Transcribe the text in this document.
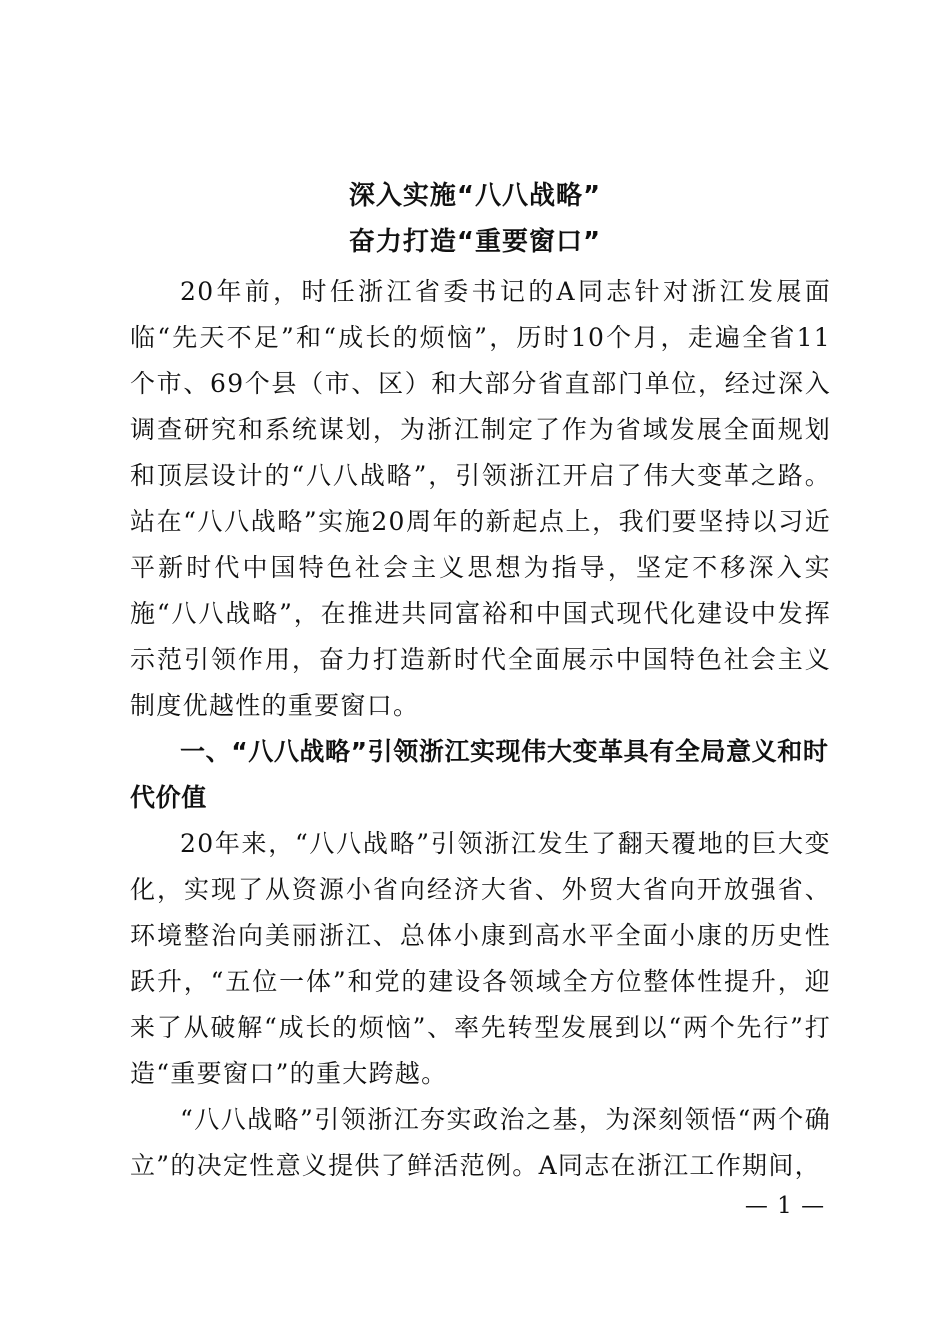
深入实施“八八战略”
奋力打造“重要窗口”

20年前，时任浙江省委书记的A同志针对浙江发展面临“先天不足”和“成长的烦恼”，历时10个月，走遍全省11个市、69个县（市、区）和大部分省直部门单位，经过深入调查研究和系统谋划，为浙江制定了作为省域发展全面规划和顶层设计的“八八战略”，引领浙江开启了伟大变革之路。站在“八八战略”实施20周年的新起点上，我们要坚持以习近平新时代中国特色社会主义思想为指导，坚定不移深入实施“八八战略”，在推进共同富裕和中国式现代化建设中发挥示范引领作用，奋力打造新时代全面展示中国特色社会主义制度优越性的重要窗口。

一、“八八战略”引领浙江实现伟大变革具有全局意义和时代价值

20年来，“八八战略”引领浙江发生了翻天覆地的巨大变化，实现了从资源小省向经济大省、外贸大省向开放强省、环境整治向美丽浙江、总体小康到高水平全面小康的历史性跃升，“五位一体”和党的建设各领域全方位整体性提升，迎来了从破解“成长的烦恼”、率先转型发展到以“两个先行”打造“重要窗口”的重大跨越。

“八八战略”引领浙江夯实政治之基，为深刻领悟“两个确立”的决定性意义提供了鲜活范例。A同志在浙江工作期间，

— 1 —
